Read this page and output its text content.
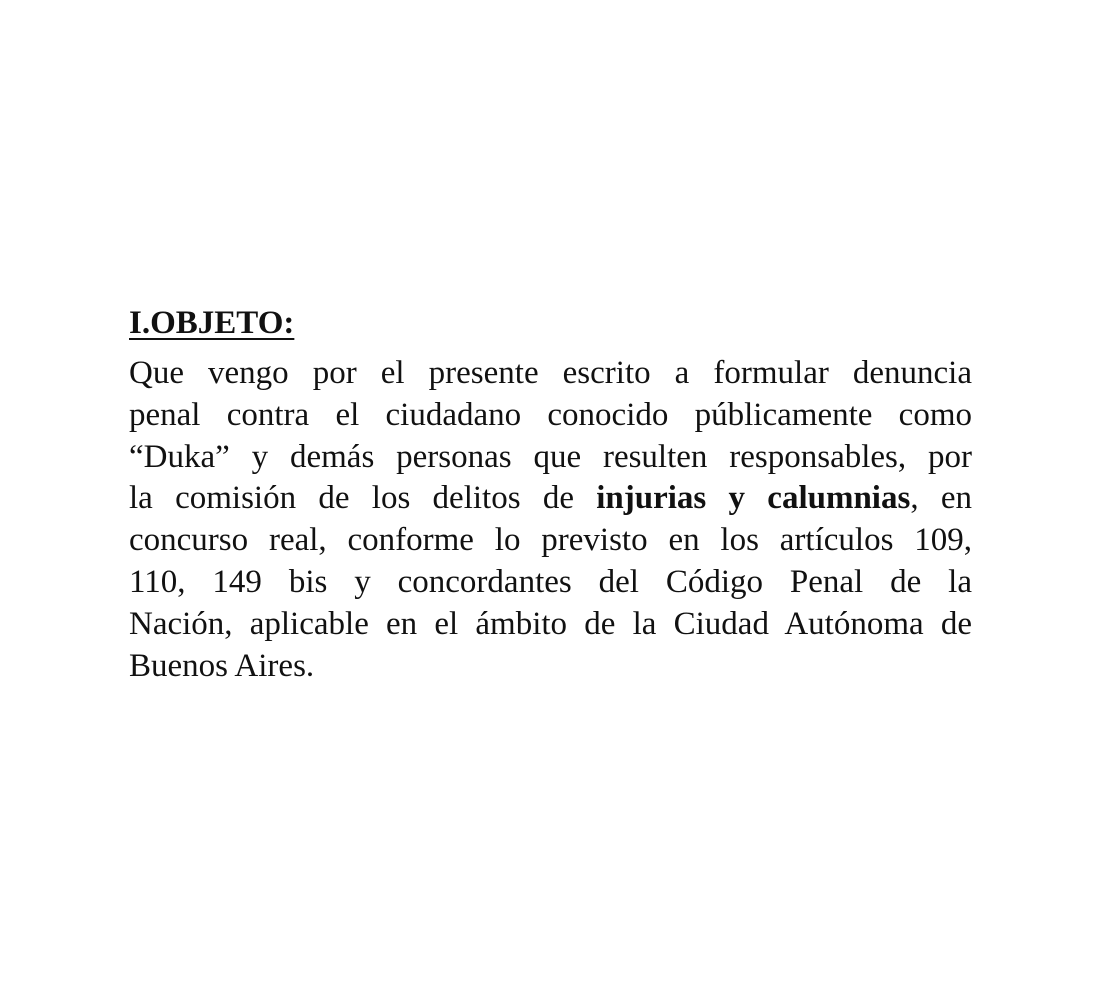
I.OBJETO:

Que vengo por el presente escrito a formular denuncia
penal contra el ciudadano conocido públicamente como
“Duka” y demás personas que resulten responsables, por
la comisión de los delitos de injurias y calumnias, en
concurso real, conforme lo previsto en los artículos 109,
110, 149 bis y concordantes del Código Penal de la
Nación, aplicable en el ámbito de la Ciudad Autónoma de
Buenos Aires.
